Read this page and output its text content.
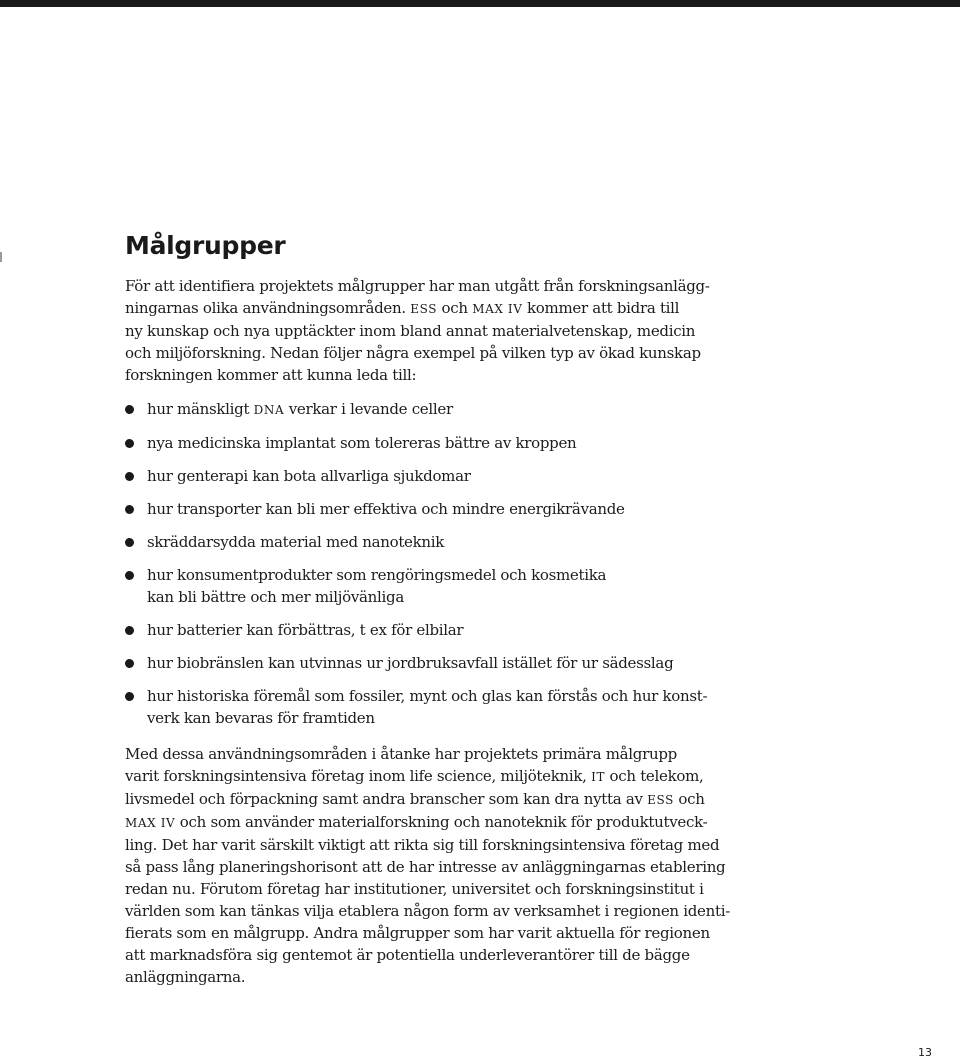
Målgrupper

För att identifiera projektets målgrupper har man utgått från forskningsanlägg-
ningarnas olika användningsområden. ESS och MAX IV kommer att bidra till
ny kunskap och nya upptäckter inom bland annat materialvetenskap, medicin
och miljöforskning. Nedan följer några exempel på vilken typ av ökad kunskap
forskningen kommer att kunna leda till:

hur mänskligt DNA verkar i levande celler
nya medicinska implantat som tolereras bättre av kroppen
hur genterapi kan bota allvarliga sjukdomar
hur transporter kan bli mer effektiva och mindre energikrävande
skräddarsydda material med nanoteknik
hur konsumentprodukter som rengöringsmedel och kosmetika
kan bli bättre och mer miljövänliga
hur batterier kan förbättras, t ex för elbilar
hur biobränslen kan utvinnas ur jordbruksavfall istället för ur sädesslag
hur historiska föremål som fossiler, mynt och glas kan förstås och hur konst-
verk kan bevaras för framtiden

Med dessa användningsområden i åtanke har projektets primära målgrupp
varit forskningsintensiva företag inom life science, miljöteknik, IT och telekom,
livsmedel och förpackning samt andra branscher som kan dra nytta av ESS och
MAX IV och som använder materialforskning och nanoteknik för produktutveck-
ling. Det har varit särskilt viktigt att rikta sig till forskningsintensiva företag med
så pass lång planeringshorisont att de har intresse av anläggningarnas etablering
redan nu. Förutom företag har institutioner, universitet och forskningsinstitut i
världen som kan tänkas vilja etablera någon form av verksamhet i regionen identi-
fierats som en målgrupp. Andra målgrupper som har varit aktuella för regionen
att marknadsföra sig gentemot är potentiella underleverantörer till de bägge
anläggningarna.

13
